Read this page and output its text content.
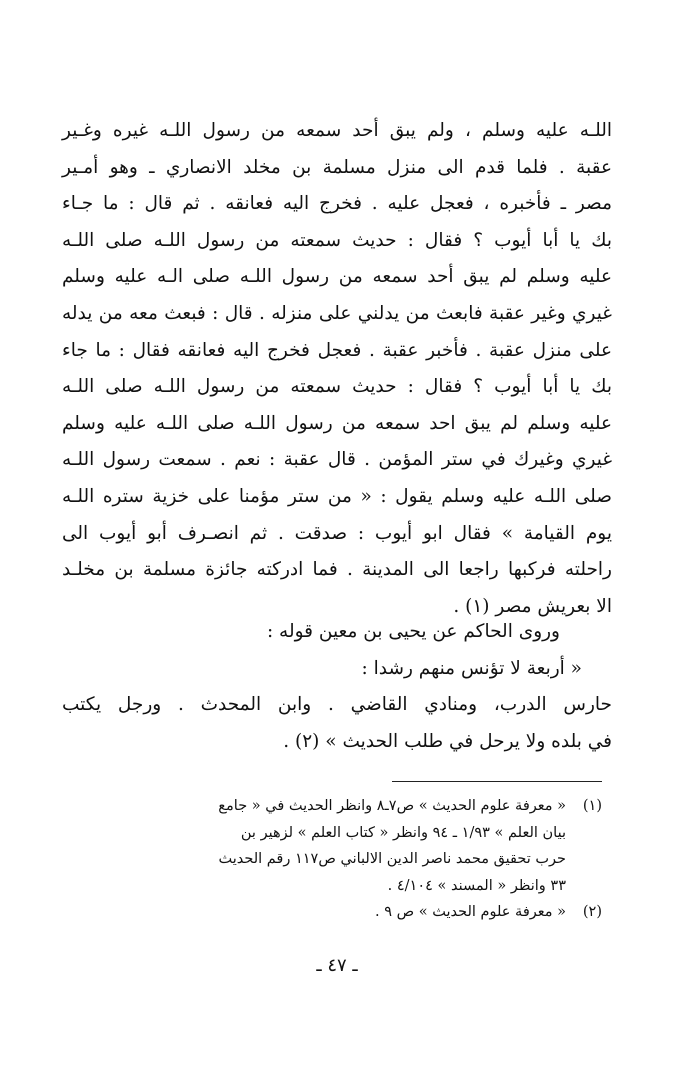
اللـه عليه وسلم ، ولم يبق أحد سمعه من رسول اللـه غيره وغـير
عقبة . فلما قدم الى منزل مسلمة بن مخلد الانصاري ـ وهو أمـير
مصر ـ فأخبره ، فعجل عليه . فخرج اليه فعانقه . ثم قال : ما جـاء
بك يا أبا أيوب ؟ فقال : حديث سمعته من رسول اللـه صلى اللـه
عليه وسلم لم يبق أحد سمعه من رسول اللـه صلى الـه عليه وسلم
غيري وغير عقبة فابعث من يدلني على منزله . قال : فبعث معه من يدله
على منزل عقبة . فأخبر عقبة . فعجل فخرج اليه فعانقه فقال : ما جاء
بك يا أبا أيوب ؟ فقال : حديث سمعته من رسول اللـه صلى اللـه
عليه وسلم لم يبق احد سمعه من رسول اللـه صلى اللـه عليه وسلم
غيري وغيرك في ستر المؤمن . قال عقبة : نعم . سمعت رسول اللـه
صلى اللـه عليه وسلم يقول : « من ستر مؤمنا على خزية ستره اللـه
يوم القيامة » فقال ابو أيوب : صدقت . ثم انصـرف أبو أيوب الى
راحلته فركبها راجعا الى المدينة . فما ادركته جائزة مسلمة بن مخلـد
الا بعريش مصر (١) .
وروى الحاكم عن يحيى بن معين قوله :
« أربعة لا تؤنس منهم رشدا :
حارس الدرب، ومنادي القاضي . وابن المحدث . ورجل يكتب
في بلده ولا يرحل في طلب الحديث » (٢) .
(١)« معرفة علوم الحديث » ص٧ـ٨ وانظر الحديث في « جامع
بيان العلم » ١/٩٣ ـ ٩٤ وانظر « كتاب العلم » لزهير بن
حرب تحقيق محمد ناصر الدين الالباني ص١١٧ رقم الحديث
٣٣ وانظر « المسند » ٤/١٠٤ .
(٢)« معرفة علوم الحديث » ص ٩ .
ـ ٤٧ ـ
